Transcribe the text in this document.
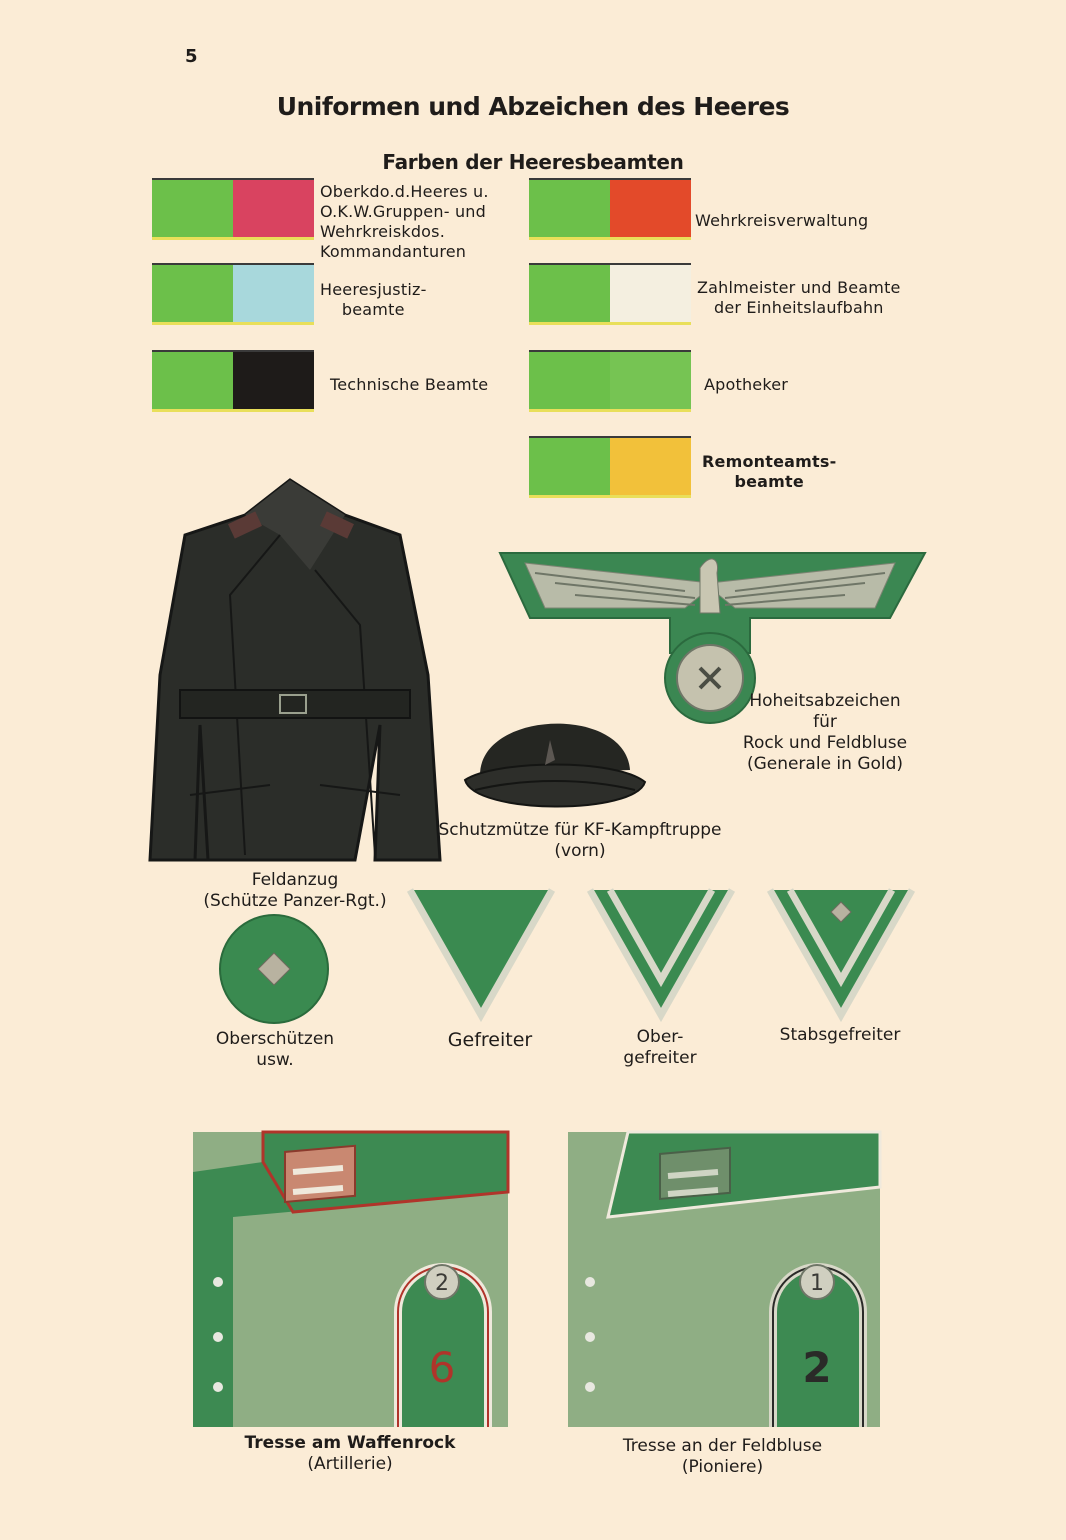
5
Uniformen und Abzeichen des Heeres
Farben der Heeresbeamten
Oberkdo.d.Heeres u.
O.K.W.Gruppen- und
Wehrkreiskdos.
Kommandanturen
Wehrkreisverwaltung
Heeresjustiz-
beamte
Zahlmeister und Beamte
der Einheitslaufbahn
Technische Beamte	Apotheker
Remonteamts-
beamte
Feldanzug
(Schütze Panzer-Rgt.)
Schutzmütze für KF-Kampftruppe
(vorn)
Hoheitsabzeichen
für
Rock und Feldbluse
(Generale in Gold)
Oberschützen
usw.
Gefreiter	Ober-
gefreiter
Stabsgefreiter
2
6
Tresse am Waffenrock
(Artillerie)
1
2
Tresse an der Feldbluse
(Pioniere)
